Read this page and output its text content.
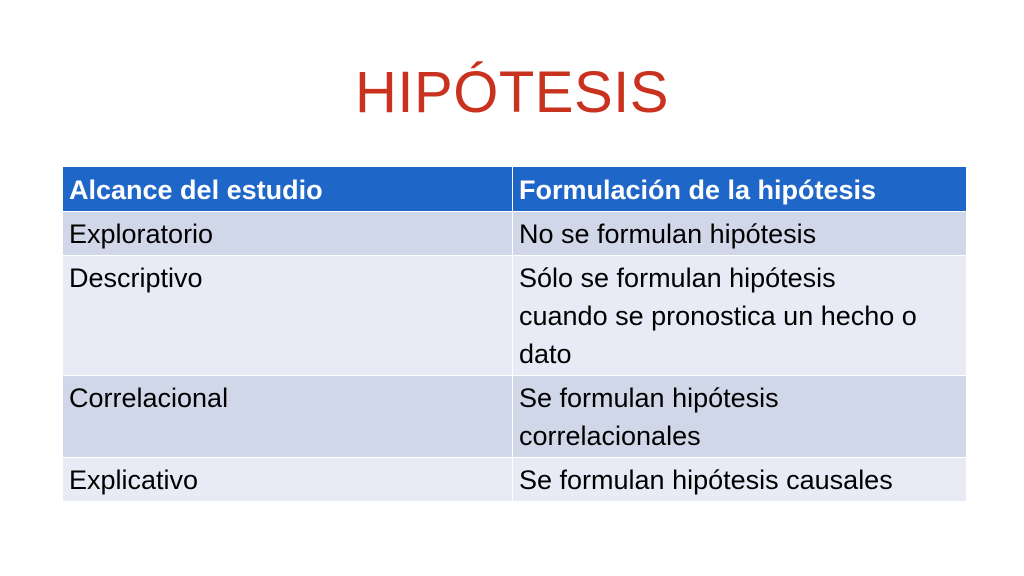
HIPÓTESIS
Alcance del estudio	Formulación de la hipótesis
Exploratorio	No se formulan hipótesis
Descriptivo	Sólo se formulan hipótesis cuando se pronostica un hecho o dato
Correlacional	Se formulan hipótesis correlacionales
Explicativo	Se formulan hipótesis causales
